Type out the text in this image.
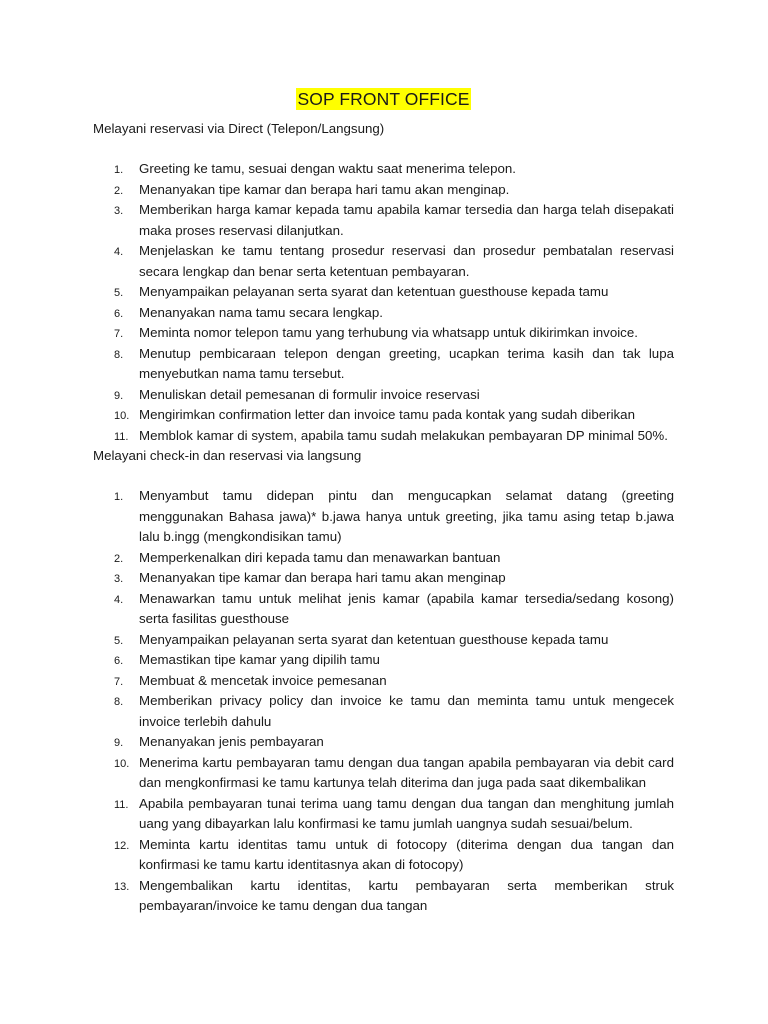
SOP FRONT OFFICE
Melayani reservasi via Direct (Telepon/Langsung)
1. Greeting ke tamu, sesuai dengan waktu saat menerima telepon.
2. Menanyakan tipe kamar dan berapa hari tamu akan menginap.
3. Memberikan harga kamar kepada tamu apabila kamar tersedia dan harga telah disepakati maka proses reservasi dilanjutkan.
4. Menjelaskan ke tamu tentang prosedur reservasi dan prosedur pembatalan reservasi secara lengkap dan benar serta ketentuan pembayaran.
5. Menyampaikan pelayanan serta syarat dan ketentuan guesthouse kepada tamu
6. Menanyakan nama tamu secara lengkap.
7. Meminta nomor telepon tamu yang terhubung via whatsapp untuk dikirimkan invoice.
8. Menutup pembicaraan telepon dengan greeting, ucapkan terima kasih dan tak lupa menyebutkan nama tamu tersebut.
9. Menuliskan detail pemesanan di formulir invoice reservasi
10. Mengirimkan confirmation letter dan invoice tamu pada kontak yang sudah diberikan
11. Memblok kamar di system, apabila tamu sudah melakukan pembayaran DP minimal 50%.
Melayani check-in dan reservasi via langsung
1. Menyambut tamu didepan pintu dan mengucapkan selamat datang (greeting menggunakan Bahasa jawa)* b.jawa hanya untuk greeting, jika tamu asing tetap b.jawa lalu b.ingg (mengkondisikan tamu)
2. Memperkenalkan diri kepada tamu dan menawarkan bantuan
3. Menanyakan tipe kamar dan berapa hari tamu akan menginap
4. Menawarkan tamu untuk melihat jenis kamar (apabila kamar tersedia/sedang kosong) serta fasilitas guesthouse
5. Menyampaikan pelayanan serta syarat dan ketentuan guesthouse kepada tamu
6. Memastikan tipe kamar yang dipilih tamu
7. Membuat & mencetak invoice pemesanan
8. Memberikan privacy policy dan invoice ke tamu dan meminta tamu untuk mengecek invoice terlebih dahulu
9. Menanyakan jenis pembayaran
10. Menerima kartu pembayaran tamu dengan dua tangan apabila pembayaran via debit card dan mengkonfirmasi ke tamu kartunya telah diterima dan juga pada saat dikembalikan
11. Apabila pembayaran tunai terima uang tamu dengan dua tangan dan menghitung jumlah uang yang dibayarkan lalu konfirmasi ke tamu jumlah uangnya sudah sesuai/belum.
12. Meminta kartu identitas tamu untuk di fotocopy (diterima dengan dua tangan dan konfirmasi ke tamu kartu identitasnya akan di fotocopy)
13. Mengembalikan kartu identitas, kartu pembayaran serta memberikan struk pembayaran/invoice ke tamu dengan dua tangan
